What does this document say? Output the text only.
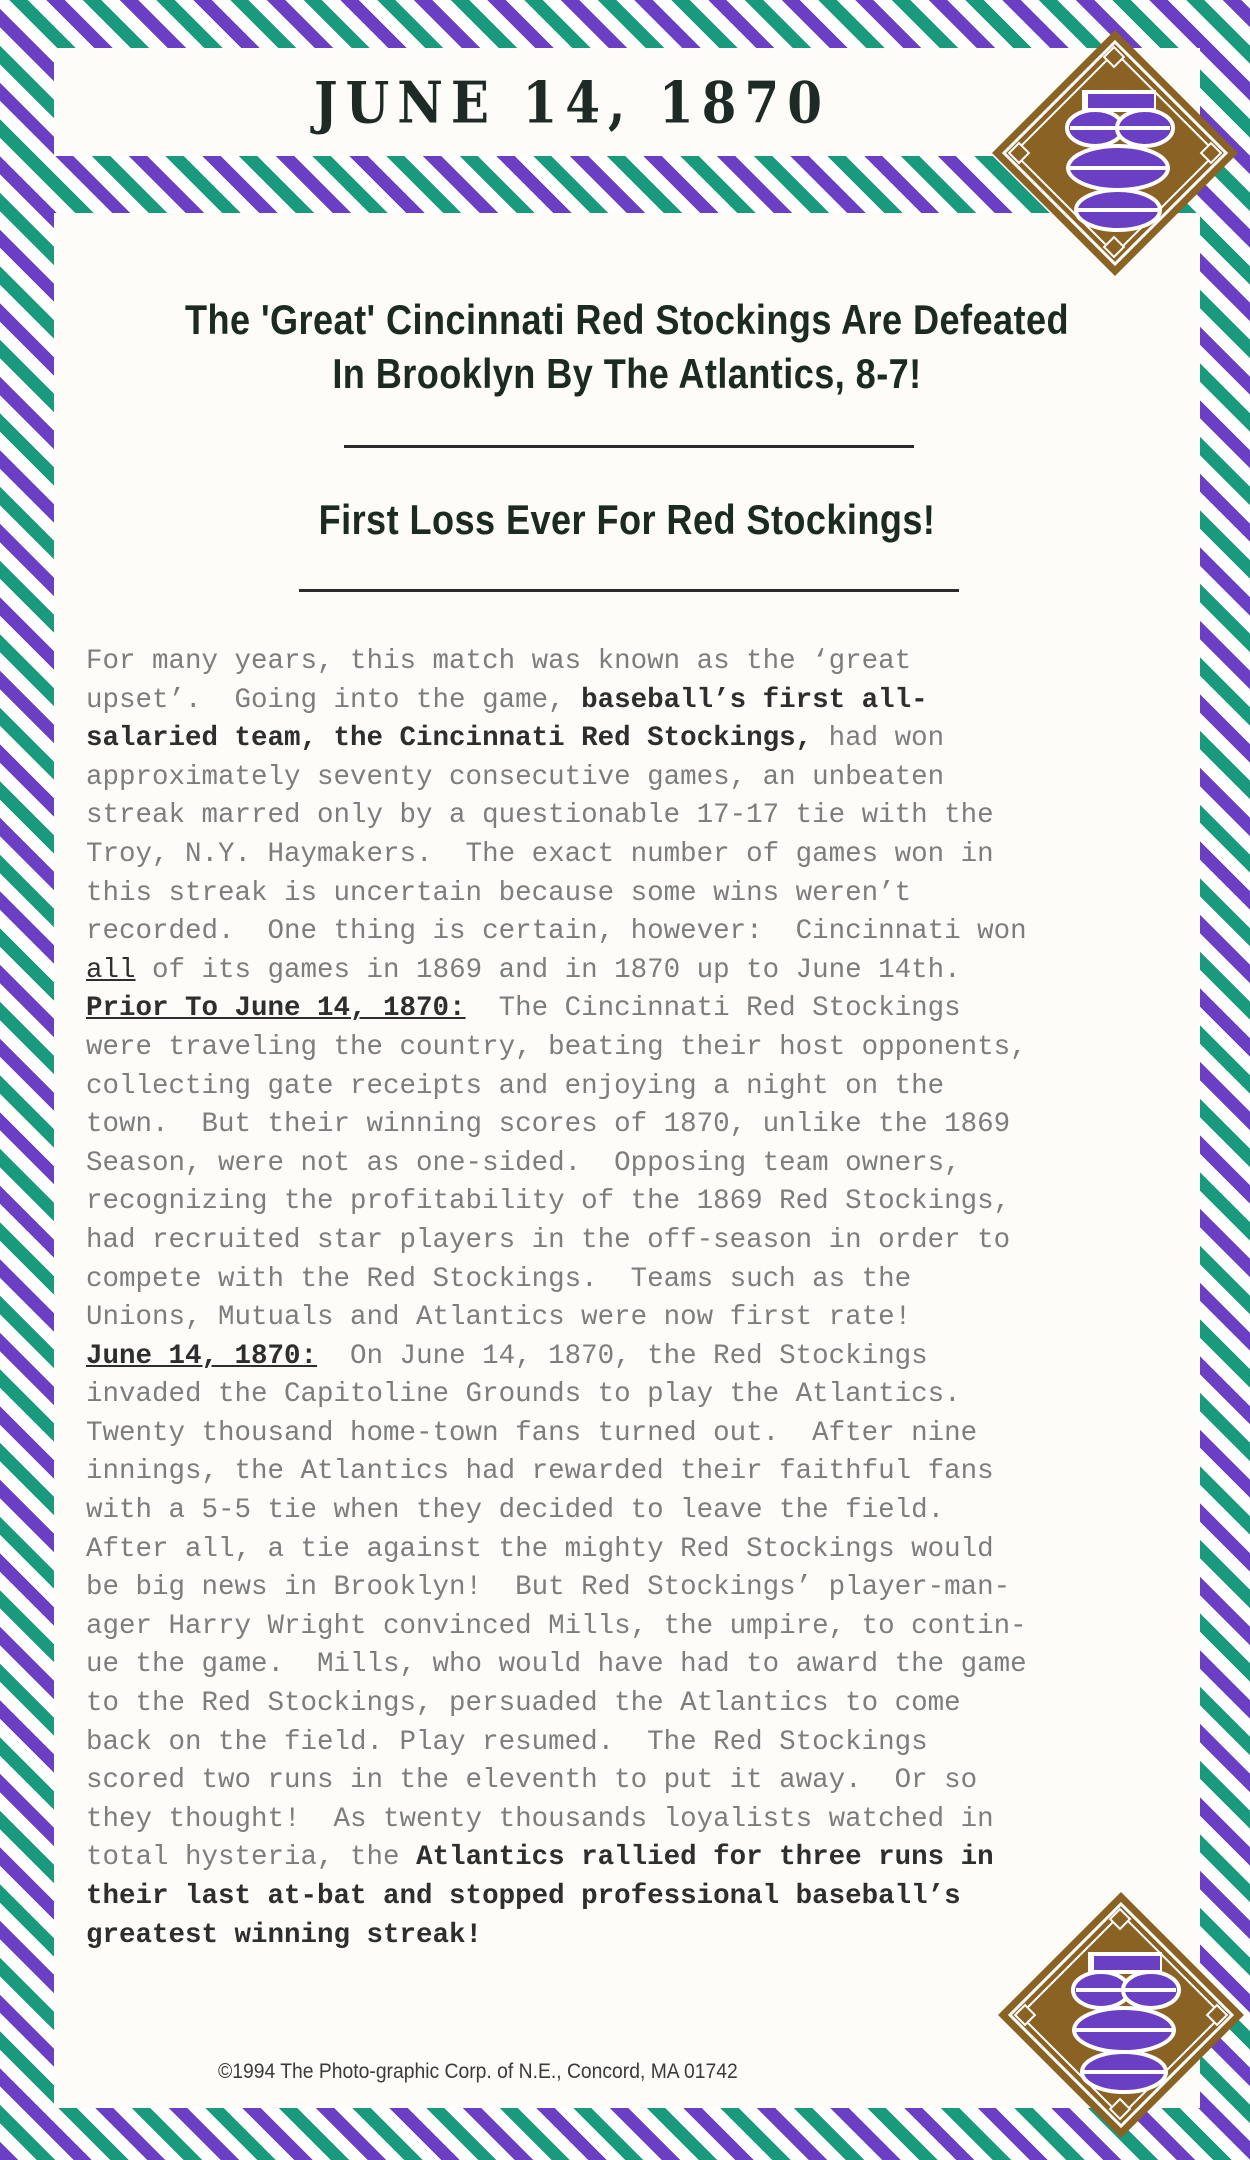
JUNE 14, 1870
The 'Great' Cincinnati Red Stockings Are Defeated
In Brooklyn By The Atlantics, 8-7!
First Loss Ever For Red Stockings!
For many years, this match was known as the ‘great
upset’.  Going into the game, baseball’s first all-
salaried team, the Cincinnati Red Stockings, had won
approximately seventy consecutive games, an unbeaten
streak marred only by a questionable 17-17 tie with the
Troy, N.Y. Haymakers.  The exact number of games won in
this streak is uncertain because some wins weren’t
recorded.  One thing is certain, however:  Cincinnati won
all of its games in 1869 and in 1870 up to June 14th.
Prior To June 14, 1870:  The Cincinnati Red Stockings
were traveling the country, beating their host opponents,
collecting gate receipts and enjoying a night on the
town.  But their winning scores of 1870, unlike the 1869
Season, were not as one-sided.  Opposing team owners,
recognizing the profitability of the 1869 Red Stockings,
had recruited star players in the off-season in order to
compete with the Red Stockings.  Teams such as the
Unions, Mutuals and Atlantics were now first rate!
June 14, 1870:  On June 14, 1870, the Red Stockings
invaded the Capitoline Grounds to play the Atlantics.
Twenty thousand home-town fans turned out.  After nine
innings, the Atlantics had rewarded their faithful fans
with a 5-5 tie when they decided to leave the field.
After all, a tie against the mighty Red Stockings would
be big news in Brooklyn!  But Red Stockings’ player-man-
ager Harry Wright convinced Mills, the umpire, to contin-
ue the game.  Mills, who would have had to award the game
to the Red Stockings, persuaded the Atlantics to come
back on the field. Play resumed.  The Red Stockings
scored two runs in the eleventh to put it away.  Or so
they thought!  As twenty thousands loyalists watched in
total hysteria, the Atlantics rallied for three runs in
their last at-bat and stopped professional baseball’s
greatest winning streak!
©1994 The Photo-graphic Corp. of N.E., Concord, MA 01742
